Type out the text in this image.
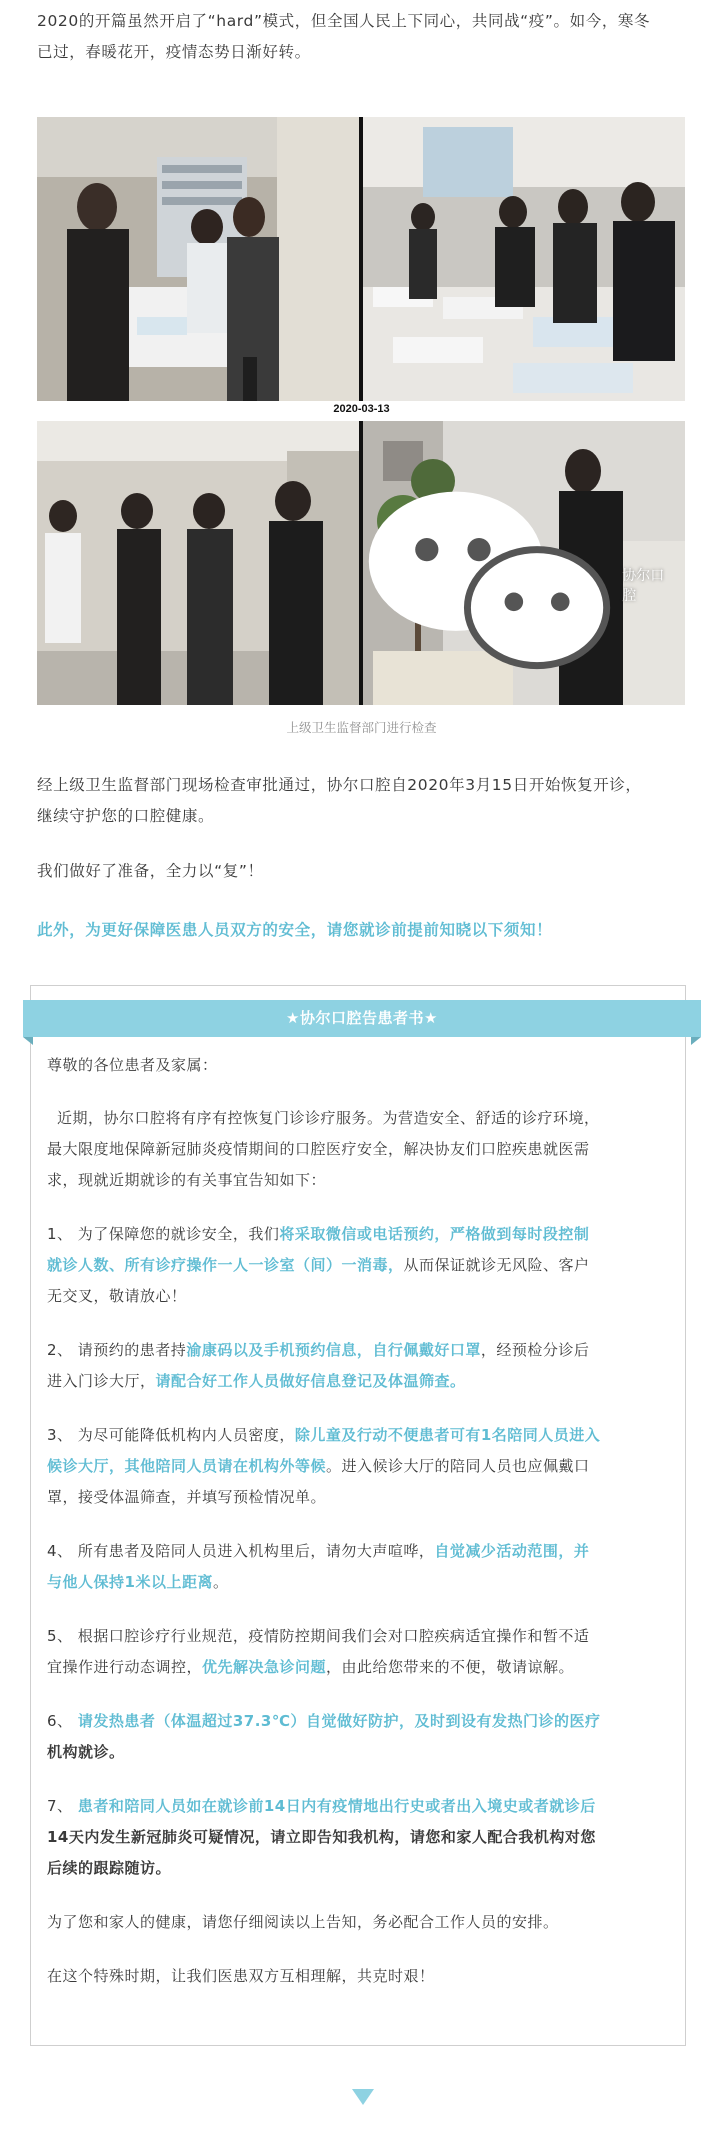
2020的开篇虽然开启了“hard”模式，但全国人民上下同心，共同战“疫”。如今，寒冬

已过，春暖花开，疫情态势日渐好转。

2020-03-13
协尔口腔
上级卫生监督部门进行检查

经上级卫生监督部门现场检查审批通过，协尔口腔自2020年3月15日开始恢复开诊，

继续守护您的口腔健康。

我们做好了准备，全力以“复”！

此外，为更好保障医患人员双方的安全，请您就诊前提前知晓以下须知！

★协尔口腔告患者书★

尊敬的各位患者及家属：

近期，协尔口腔将有序有控恢复门诊诊疗服务。为营造安全、舒适的诊疗环境，

最大限度地保障新冠肺炎疫情期间的口腔医疗安全，解决协友们口腔疾患就医需

求，现就近期就诊的有关事宜告知如下：

1、 为了保障您的就诊安全，我们将采取微信或电话预约，严格做到每时段控制

就诊人数、所有诊疗操作一人一诊室（间）一消毒，从而保证就诊无风险、客户

无交叉，敬请放心！

2、 请预约的患者持渝康码以及手机预约信息，自行佩戴好口罩，经预检分诊后

进入门诊大厅，请配合好工作人员做好信息登记及体温筛查。

3、 为尽可能降低机构内人员密度，除儿童及行动不便患者可有1名陪同人员进入

候诊大厅，其他陪同人员请在机构外等候。进入候诊大厅的陪同人员也应佩戴口

罩，接受体温筛查，并填写预检情况单。

4、 所有患者及陪同人员进入机构里后，请勿大声喧哗，自觉减少活动范围，并

与他人保持1米以上距离。

5、 根据口腔诊疗行业规范，疫情防控期间我们会对口腔疾病适宜操作和暂不适

宜操作进行动态调控，优先解决急诊问题，由此给您带来的不便，敬请谅解。

6、 请发热患者（体温超过37.3℃）自觉做好防护，及时到设有发热门诊的医疗

机构就诊。

7、 患者和陪同人员如在就诊前14日内有疫情地出行史或者出入境史或者就诊后

14天内发生新冠肺炎可疑情况，请立即告知我机构，请您和家人配合我机构对您

后续的跟踪随访。

为了您和家人的健康，请您仔细阅读以上告知，务必配合工作人员的安排。

在这个特殊时期，让我们医患双方互相理解，共克时艰！
